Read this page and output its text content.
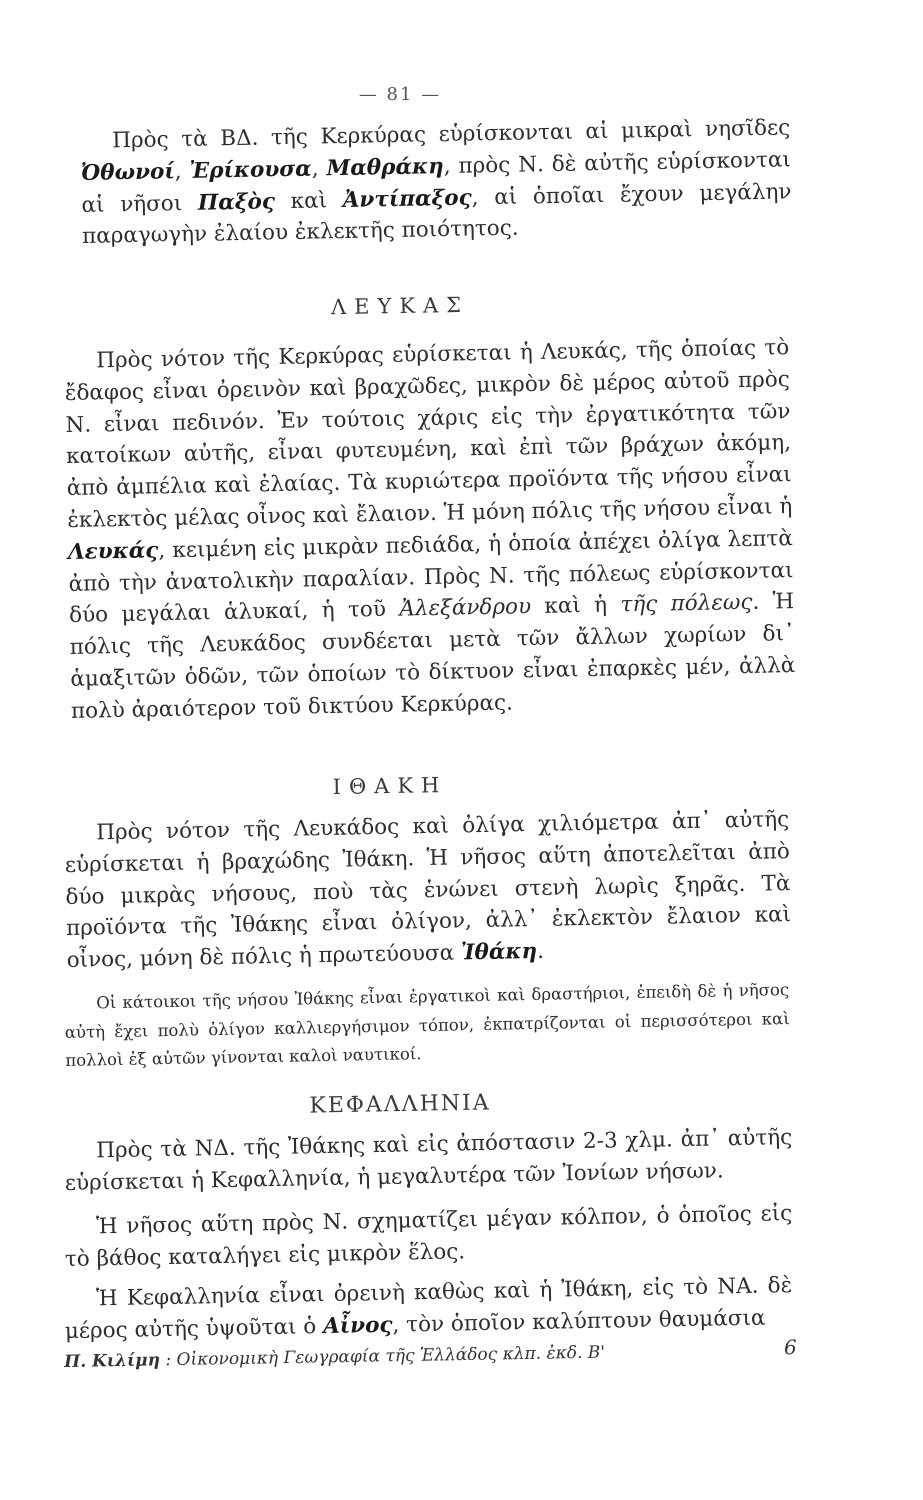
— 81 —
Πρὸς τὰ ΒΔ. τῆς Κερκύρας εὑρίσκονται αἱ μικραὶ νησῖδες Ὀθωνοί, Ἐρίκουσα, Μαθράκη, πρὸς Ν. δὲ αὐτῆς εὑρίσκονται αἱ νῆσοι Παξὸς καὶ Ἀντίπαξος, αἱ ὁποῖαι ἔχουν μεγάλην παραγωγὴν ἐλαίου ἐκλεκτῆς ποιότητος.
ΛΕΥΚΑΣ
Πρὸς νότον τῆς Κερκύρας εὑρίσκεται ἡ Λευκάς, τῆς ὁποίας τὸ ἔδαφος εἶναι ὀρεινὸν καὶ βραχῶδες, μικρὸν δὲ μέρος αὐτοῦ πρὸς Ν. εἶναι πεδινόν. Ἐν τούτοις χάρις εἰς τὴν ἐργατικότητα τῶν κατοίκων αὐτῆς, εἶναι φυτευμένη, καὶ ἐπὶ τῶν βράχων ἀκόμη, ἀπὸ ἀμπέλια καὶ ἐλαίας. Τὰ κυριώτερα προϊόντα τῆς νήσου εἶναι ἐκλεκτὸς μέλας οἶνος καὶ ἔλαιον. Ἡ μόνη πόλις τῆς νήσου εἶναι ἡ Λευκάς, κειμένη εἰς μικρὰν πεδιάδα, ἡ ὁποία ἀπέχει ὀλίγα λεπτὰ ἀπὸ τὴν ἀνατολικὴν παραλίαν. Πρὸς Ν. τῆς πόλεως εὑρίσκονται δύο μεγάλαι ἁλυκαί, ἡ τοῦ Ἀλεξάνδρου καὶ ἡ τῆς πόλεως. Ἡ πόλις τῆς Λευκάδος συνδέεται μετὰ τῶν ἄλλων χωρίων δι᾿ ἁμαξιτῶν ὁδῶν, τῶν ὁποίων τὸ δίκτυον εἶναι ἐπαρκὲς μέν, ἀλλὰ πολὺ ἀραιότερον τοῦ δικτύου Κερκύρας.
ΙΘΑΚΗ
Πρὸς νότον τῆς Λευκάδος καὶ ὀλίγα χιλιόμετρα ἀπ᾿ αὐτῆς εὑρίσκεται ἡ βραχώδης Ἰθάκη. Ἡ νῆσος αὕτη ἀποτελεῖται ἀπὸ δύο μικρὰς νήσους, ποὺ τὰς ἑνώνει στενὴ λωρὶς ξηρᾶς. Τὰ προϊόντα τῆς Ἰθάκης εἶναι ὀλίγον, ἀλλ᾿ ἐκλεκτὸν ἔλαιον καὶ οἶνος, μόνη δὲ πόλις ἡ πρωτεύουσα Ἰθάκη.
Οἱ κάτοικοι τῆς νήσου Ἰθάκης εἶναι ἐργατικοὶ καὶ δραστήριοι, ἐπειδὴ δὲ ἡ νῆσος αὐτὴ ἔχει πολὺ ὀλίγον καλλιεργήσιμον τόπον, ἐκπατρίζονται οἱ περισσότεροι καὶ πολλοὶ ἐξ αὐτῶν γίνονται καλοὶ ναυτικοί.
ΚΕΦΑΛΛΗΝΙΑ
Πρὸς τὰ ΝΔ. τῆς Ἰθάκης καὶ εἰς ἀπόστασιν 2-3 χλμ. ἀπ᾿ αὐτῆς εὑρίσκεται ἡ Κεφαλληνία, ἡ μεγαλυτέρα τῶν Ἰονίων νήσων.
Ἡ νῆσος αὕτη πρὸς Ν. σχηματίζει μέγαν κόλπον, ὁ ὁποῖος εἰς τὸ βάθος καταλήγει εἰς μικρὸν ἕλος.
Ἡ Κεφαλληνία εἶναι ὀρεινὴ καθὼς καὶ ἡ Ἰθάκη, εἰς τὸ ΝΑ. δὲ μέρος αὐτῆς ὑψοῦται ὁ Αἶνος, τὸν ὁποῖον καλύπτουν θαυμάσια
Π. Κιλίμη : Οἰκονομικὴ Γεωγραφία τῆς Ἑλλάδος κλπ. ἐκδ. Β'	6
